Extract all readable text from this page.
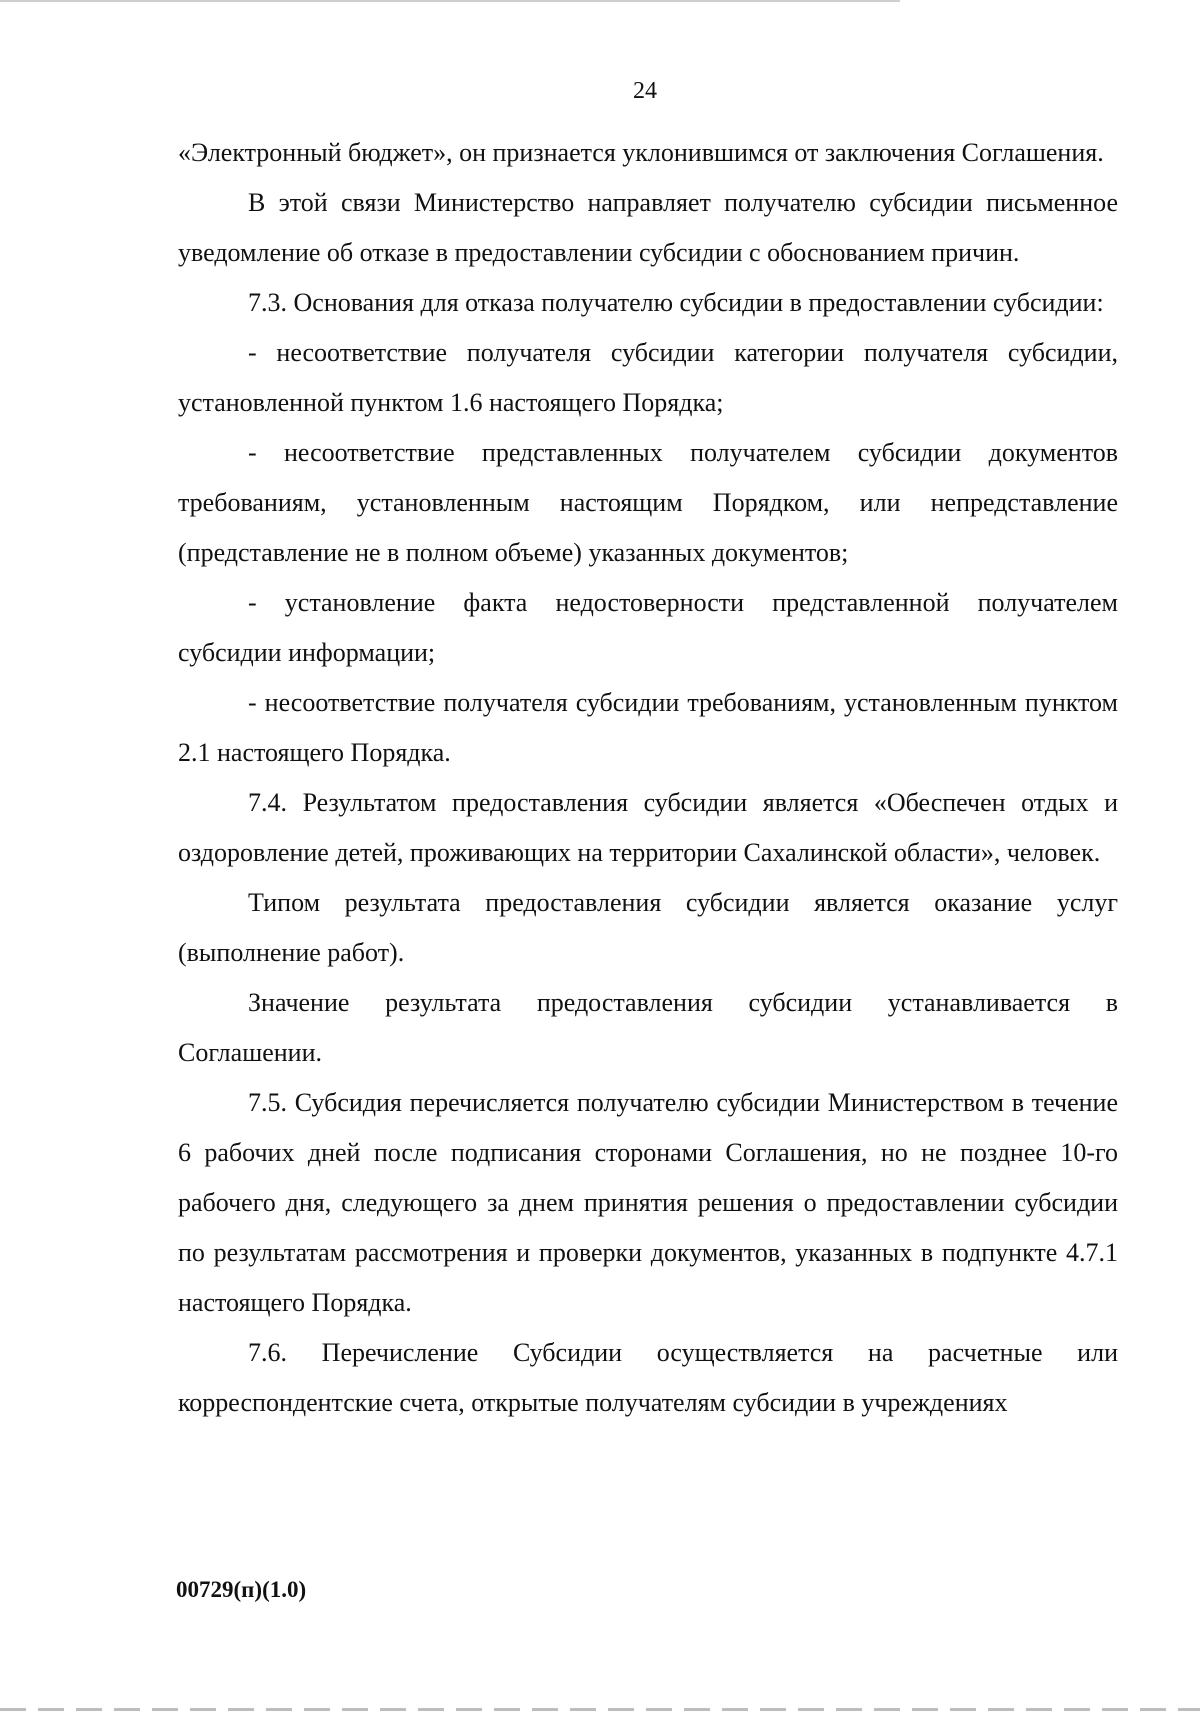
24

«Электронный бюджет», он признается уклонившимся от заключения Соглашения.

В этой связи Министерство направляет получателю субсидии письменное уведомление об отказе в предоставлении субсидии с обоснованием причин.

7.3. Основания для отказа получателю субсидии в предоставлении субсидии:

- несоответствие получателя субсидии категории получателя субсидии, установленной пунктом 1.6 настоящего Порядка;

- несоответствие представленных получателем субсидии документов требованиям, установленным настоящим Порядком, или непредставление (представление не в полном объеме) указанных документов;

- установление факта недостоверности представленной получателем субсидии информации;

- несоответствие получателя субсидии требованиям, установленным пунктом 2.1 настоящего Порядка.

7.4. Результатом предоставления субсидии является «Обеспечен отдых и оздоровление детей, проживающих на территории Сахалинской области», человек.

Типом результата предоставления субсидии является оказание услуг (выполнение работ).

Значение результата предоставления субсидии устанавливается в Соглашении.

7.5. Субсидия перечисляется получателю субсидии Министерством в течение 6 рабочих дней после подписания сторонами Соглашения, но не позднее 10-го рабочего дня, следующего за днем принятия решения о предоставлении субсидии по результатам рассмотрения и проверки документов, указанных в подпункте 4.7.1 настоящего Порядка.

7.6. Перечисление Субсидии осуществляется на расчетные или корреспондентские счета, открытые получателям субсидии в учреждениях

00729(п)(1.0)
